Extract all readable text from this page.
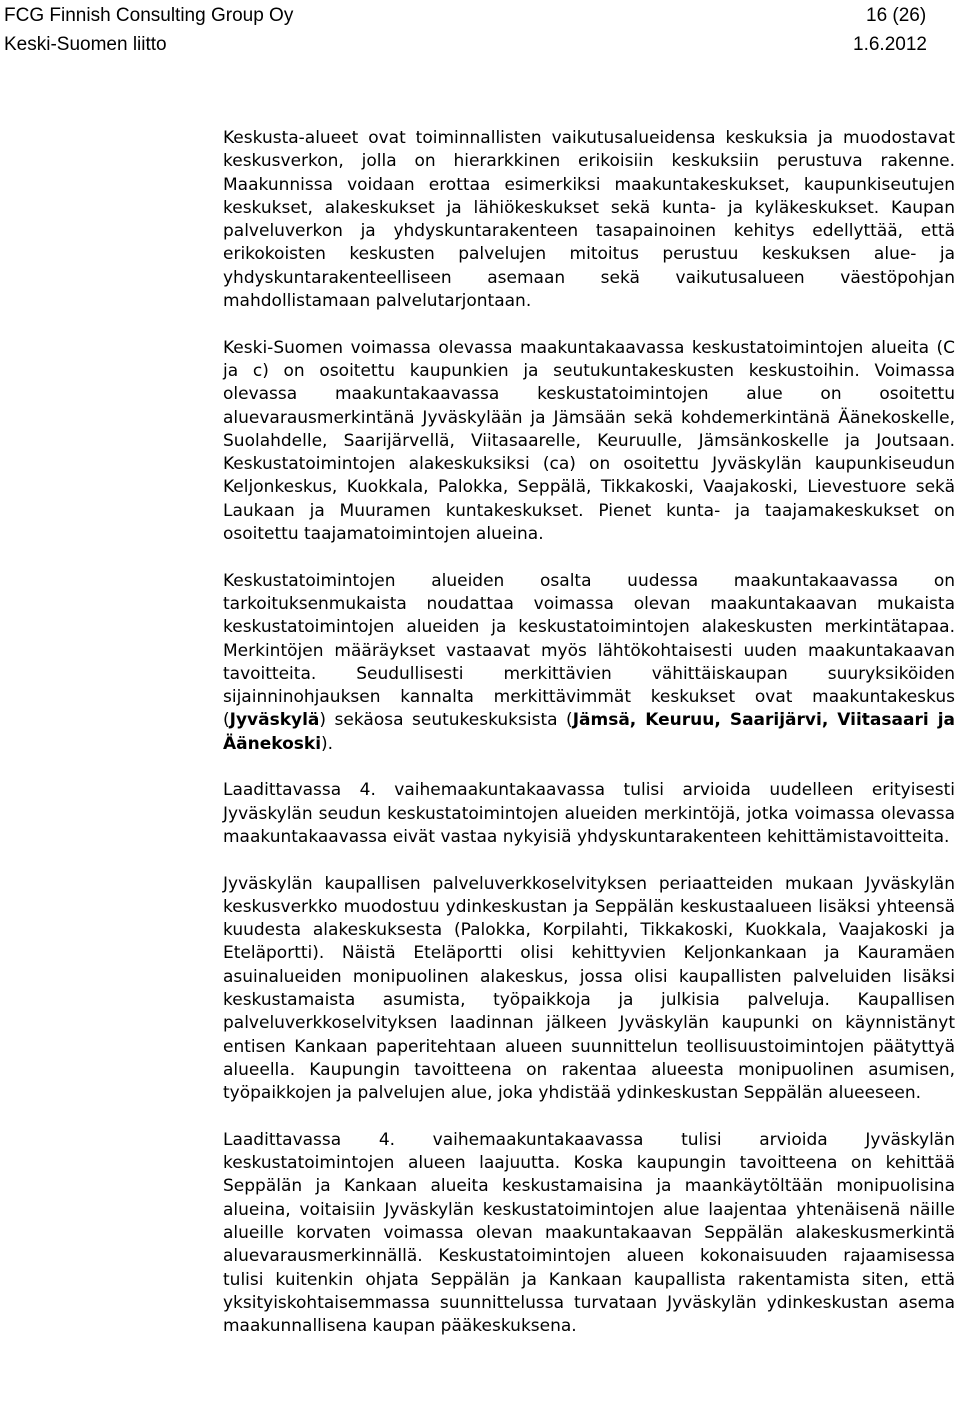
FCG Finnish Consulting Group Oy	16 (26)
Keski-Suomen liitto	1.6.2012

Keskusta-alueet ovat toiminnallisten vaikutusalueidensa keskuksia ja muodostavat keskusverkon, jolla on hierarkkinen erikoisiin keskuksiin perustuva rakenne. Maakunnissa voidaan erottaa esimerkiksi maakuntakeskukset, kaupunkiseutujen keskukset, alakeskukset ja lähiökeskukset sekä kunta- ja kyläkeskukset. Kaupan palveluverkon ja yhdyskuntarakenteen tasapainoinen kehitys edellyttää, että erikokoisten keskusten palvelujen mitoitus perustuu keskuksen alue- ja yhdyskuntarakenteelliseen asemaan sekä vaikutusalueen väestöpohjan mahdollistamaan palvelutarjontaan.

Keski-Suomen voimassa olevassa maakuntakaavassa keskustatoimintojen alueita (C ja c) on osoitettu kaupunkien ja seutukuntakeskusten keskustoihin. Voimassa olevassa maakuntakaavassa keskustatoimintojen alue on osoitettu aluevarausmerkintänä Jyväskylään ja Jämsään sekä kohdemerkintänä Äänekoskelle, Suolahdelle, Saarijärvellä, Viitasaarelle, Keuruulle, Jämsänkoskelle ja Joutsaan. Keskustatoimintojen alakeskuksiksi (ca) on osoitettu Jyväskylän kaupunkiseudun Keljonkeskus, Kuokkala, Palokka, Seppälä, Tikkakoski, Vaajakoski, Lievestuore sekä Laukaan ja Muuramen kuntakeskukset. Pienet kunta- ja taajamakeskukset on osoitettu taajamatoimintojen alueina.

Keskustatoimintojen alueiden osalta uudessa maakuntakaavassa on tarkoituksenmukaista noudattaa voimassa olevan maakuntakaavan mukaista keskustatoimintojen alueiden ja keskustatoimintojen alakeskusten merkintätapaa. Merkintöjen määräykset vastaavat myös lähtökohtaisesti uuden maakuntakaavan tavoitteita. Seudullisesti merkittävien vähittäiskaupan suuryksiköiden sijainninohjauksen kannalta merkittävimmät keskukset ovat maakuntakeskus (Jyväskylä) sekäosa seutukeskuksista (Jämsä, Keuruu, Saarijärvi, Viitasaari ja Äänekoski).

Laadittavassa 4. vaihemaakuntakaavassa tulisi arvioida uudelleen erityisesti Jyväskylän seudun keskustatoimintojen alueiden merkintöjä, jotka voimassa olevassa maakuntakaavassa eivät vastaa nykyisiä yhdyskuntarakenteen kehittämistavoitteita.

Jyväskylän kaupallisen palveluverkkoselvityksen periaatteiden mukaan Jyväskylän keskusverkko muodostuu ydinkeskustan ja Seppälän keskustaalueen lisäksi yhteensä kuudesta alakeskuksesta (Palokka, Korpilahti, Tikkakoski, Kuokkala, Vaajakoski ja Eteläportti). Näistä Eteläportti olisi kehittyvien Keljonkankaan ja Kauramäen asuinalueiden monipuolinen alakeskus, jossa olisi kaupallisten palveluiden lisäksi keskustamaista asumista, työpaikkoja ja julkisia palveluja. Kaupallisen palveluverkkoselvityksen laadinnan jälkeen Jyväskylän kaupunki on käynnistänyt entisen Kankaan paperitehtaan alueen suunnittelun teollisuustoimintojen päätyttyä alueella. Kaupungin tavoitteena on rakentaa alueesta monipuolinen asumisen, työpaikkojen ja palvelujen alue, joka yhdistää ydinkeskustan Seppälän alueeseen.

Laadittavassa 4. vaihemaakuntakaavassa tulisi arvioida Jyväskylän keskustatoimintojen alueen laajuutta. Koska kaupungin tavoitteena on kehittää Seppälän ja Kankaan alueita keskustamaisina ja maankäytöltään monipuolisina alueina, voitaisiin Jyväskylän keskustatoimintojen alue laajentaa yhtenäisenä näille alueille korvaten voimassa olevan maakuntakaavan Seppälän alakeskusmerkintä aluevarausmerkinnällä. Keskustatoimintojen alueen kokonaisuuden rajaamisessa tulisi kuitenkin ohjata Seppälän ja Kankaan kaupallista rakentamista siten, että yksityiskohtaisemmassa suunnittelussa turvataan Jyväskylän ydinkeskustan asema maakunnallisena kaupan pääkeskuksena.
